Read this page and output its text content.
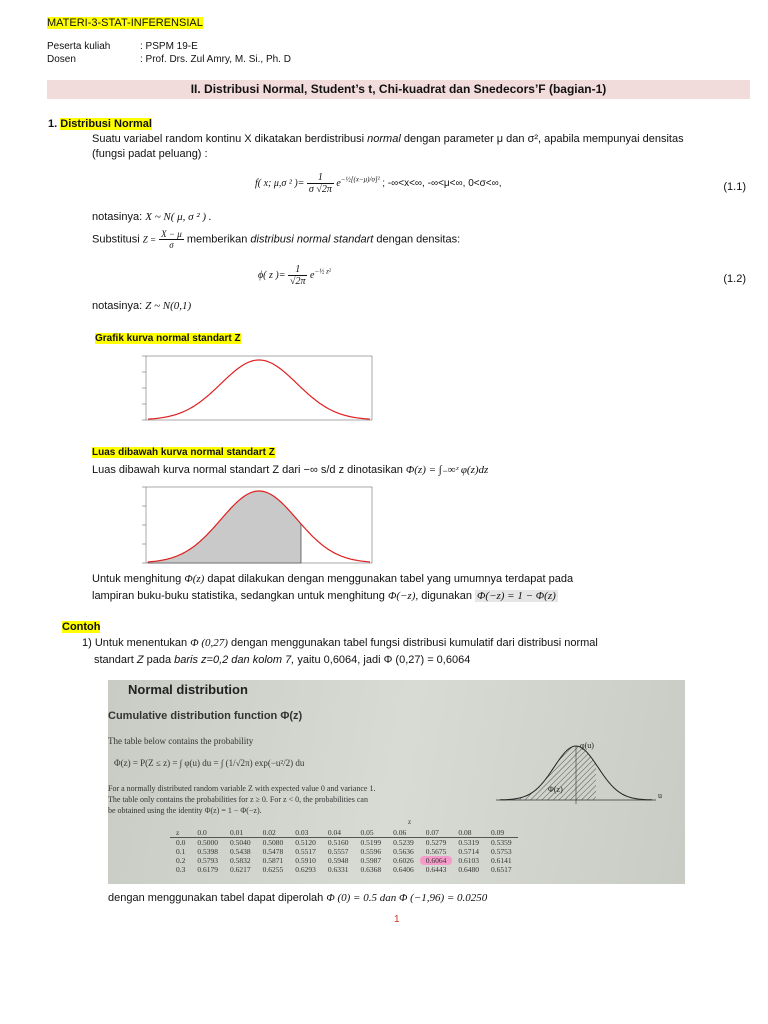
MATERI-3-STAT-INFERENSIAL
Peserta kuliah	: PSPM 19-E
Dosen	: Prof. Drs. Zul Amry, M. Si., Ph. D
II. Distribusi Normal, Student’s t, Chi-kuadrat dan Snedecors’F (bagian-1)
1. Distribusi Normal
Suatu variabel random kontinu X dikatakan berdistribusi normal dengan parameter μ dan σ², apabila mempunyai densitas
(fungsi padat peluang) :
f( x; μ,σ ² )= $\frac{1}{\sigma √2\pi} e^{-\frac{1}{2}[(x-\mu)/\sigma]^2}$ ; -∞<x<∞, -∞<μ<∞, 0<σ<∞,	(1.1)
notasinya: X ~ N( μ, σ ² ) .
Substitusi $Z = \frac{X - \mu}{\sigma}$ memberikan distribusi normal standart dengan densitas:
ϕ( z )= $\frac{1}{√2\pi} e^{-\frac{1}{2} z^2}$
(1.2)
notasinya: Z ~ N(0,1)
Grafik kurva normal standart Z
Luas dibawah kurva normal standart Z
Luas dibawah kurva normal standart Z dari −∞ s/d z dinotasikan Φ(z) = ∫₋∞ᶻ φ(z)dz
Untuk menghitung Φ(z) dapat dilakukan dengan menggunakan tabel yang umumnya terdapat pada
lampiran buku-buku statistika, sedangkan untuk menghitung Φ(−z), digunakan Φ(−z) = 1 − Φ(z)
Contoh
1) Untuk menentukan Φ (0,27) dengan menggunakan tabel fungsi distribusi kumulatif dari distribusi normal
standart Z pada baris z=0,2 dan kolom 7, yaitu 0,6064, jadi Φ (0,27) = 0,6064
Normal distribution
Cumulative distribution function Φ(z)
The table below contains the probability
Φ(z) = P(Z ≤ z) = ∫ φ(u) du = ∫ (1/√2π) exp(−u²/2) du
For a normally distributed random variable Z with expected value 0 and variance 1.
The table only contains the probabilities for z ≥ 0. For z < 0, the probabilities can
be obtained using the identity Φ(z) = 1 − Φ(−z).
φ(u)
Φ(z)
u
z
z	0.0	0.01	0.02	0.03	0.04	0.05	0.06	0.07	0.08	0.09
0.0	0.5000	0.5040	0.5080	0.5120	0.5160	0.5199	0.5239	0.5279	0.5319	0.5359
0.1	0.5398	0.5438	0.5478	0.5517	0.5557	0.5596	0.5636	0.5675	0.5714	0.5753
0.2	0.5793	0.5832	0.5871	0.5910	0.5948	0.5987	0.6026	0.6064	0.6103	0.6141
0.3	0.6179	0.6217	0.6255	0.6293	0.6331	0.6368	0.6406	0.6443	0.6480	0.6517
dengan menggunakan tabel dapat diperolah Φ (0) = 0.5 dan Φ (−1,96) = 0.0250
1
